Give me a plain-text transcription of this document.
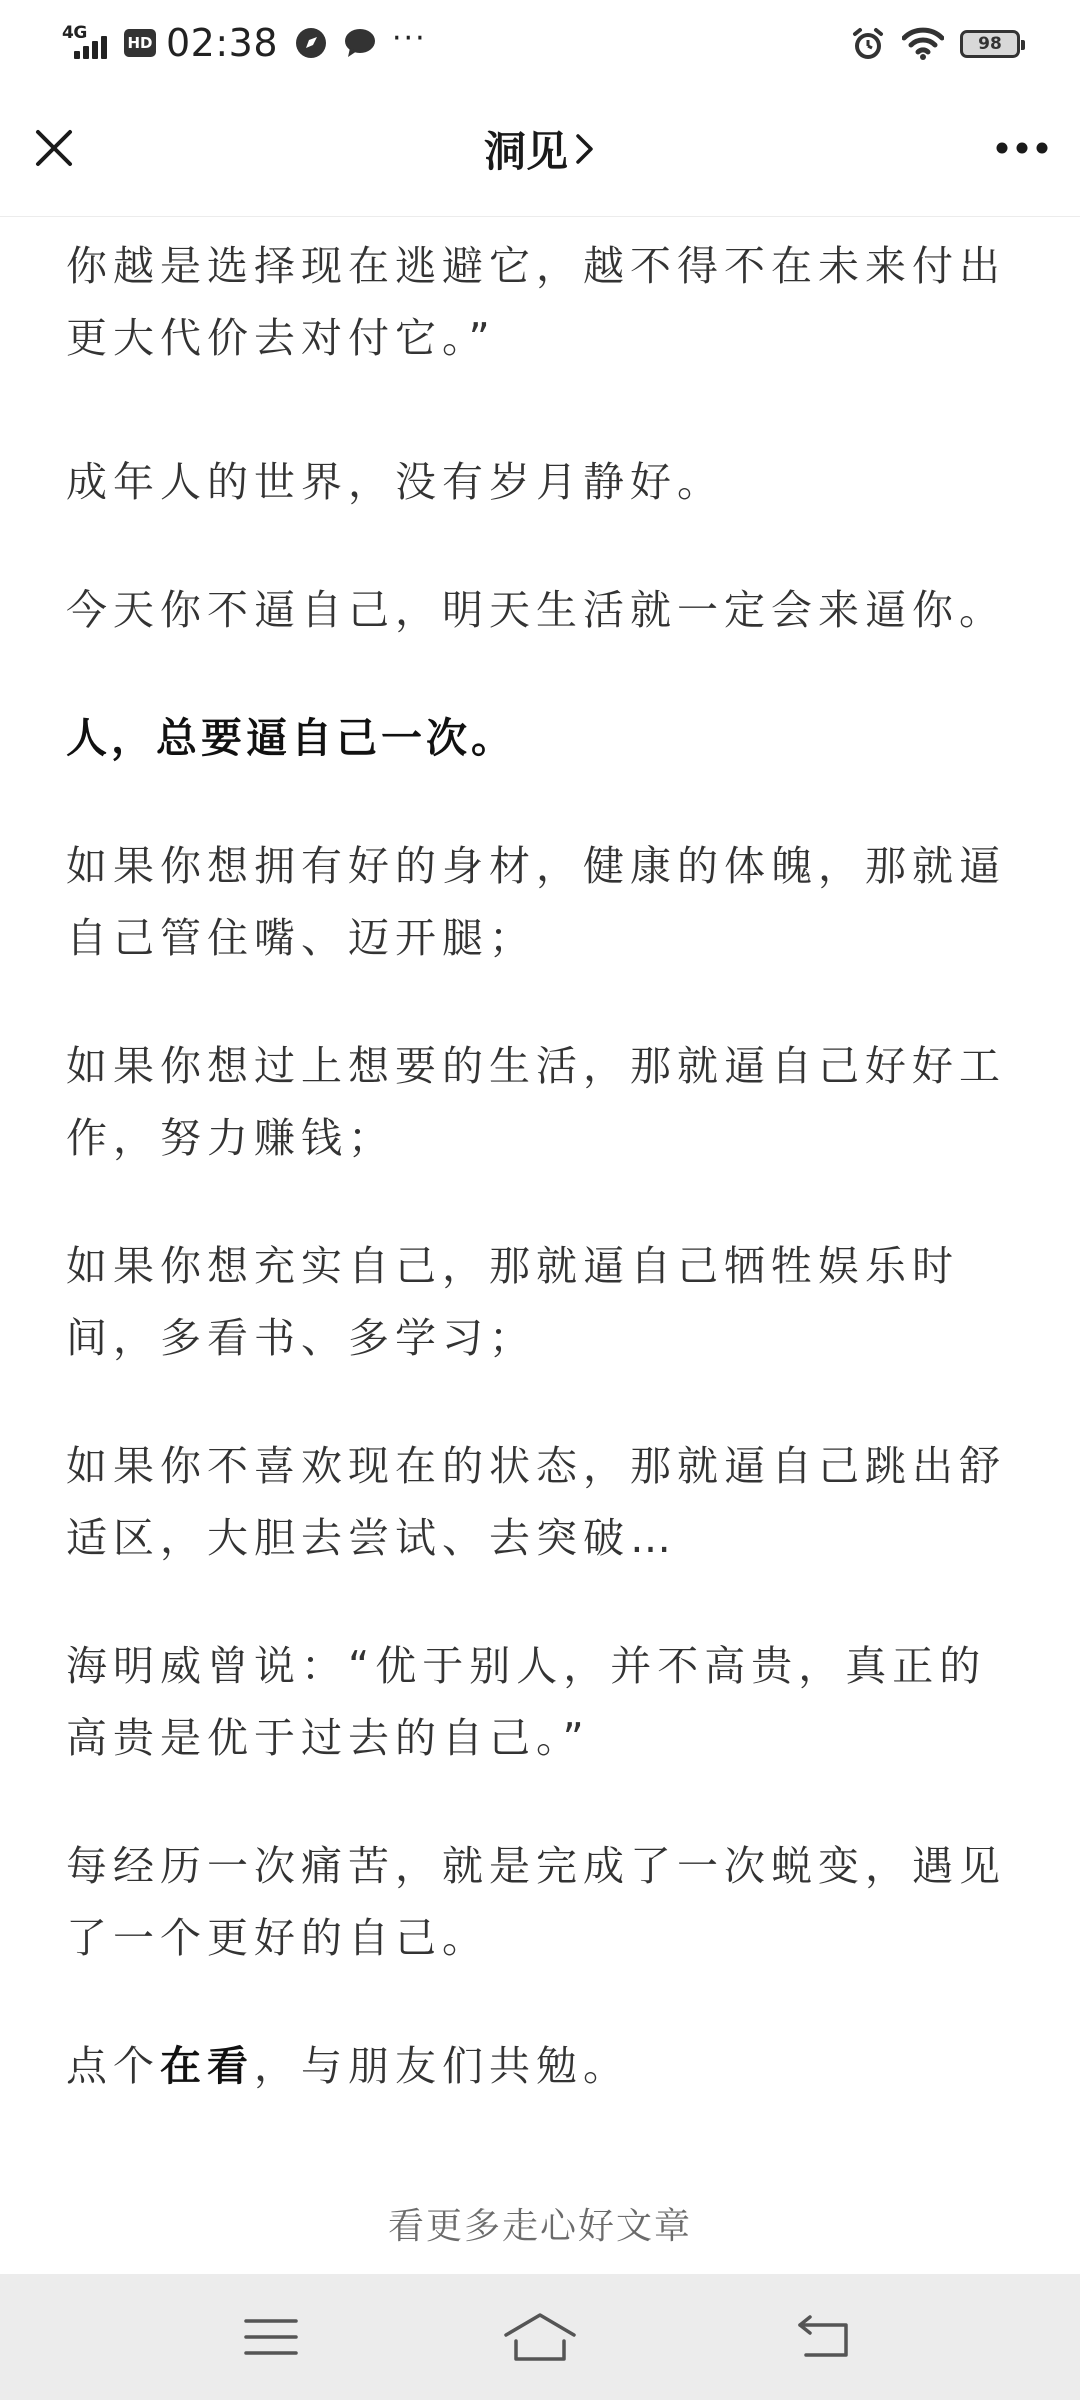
4G	HD 02:38	···	98
洞见

你越是选择现在逃避它，越不得不在未来付出更大代价去对付它。”

成年人的世界，没有岁月静好。

今天你不逼自己，明天生活就一定会来逼你。

人，总要逼自己一次。

如果你想拥有好的身材，健康的体魄，那就逼自己管住嘴、迈开腿；

如果你想过上想要的生活，那就逼自己好好工作，努力赚钱；

如果你想充实自己，那就逼自己牺牲娱乐时间，多看书、多学习；

如果你不喜欢现在的状态，那就逼自己跳出舒适区，大胆去尝试、去突破…

海明威曾说：“优于别人，并不高贵，真正的高贵是优于过去的自己。”

每经历一次痛苦，就是完成了一次蜕变，遇见了一个更好的自己。

点个在看，与朋友们共勉。

看更多走心好文章
